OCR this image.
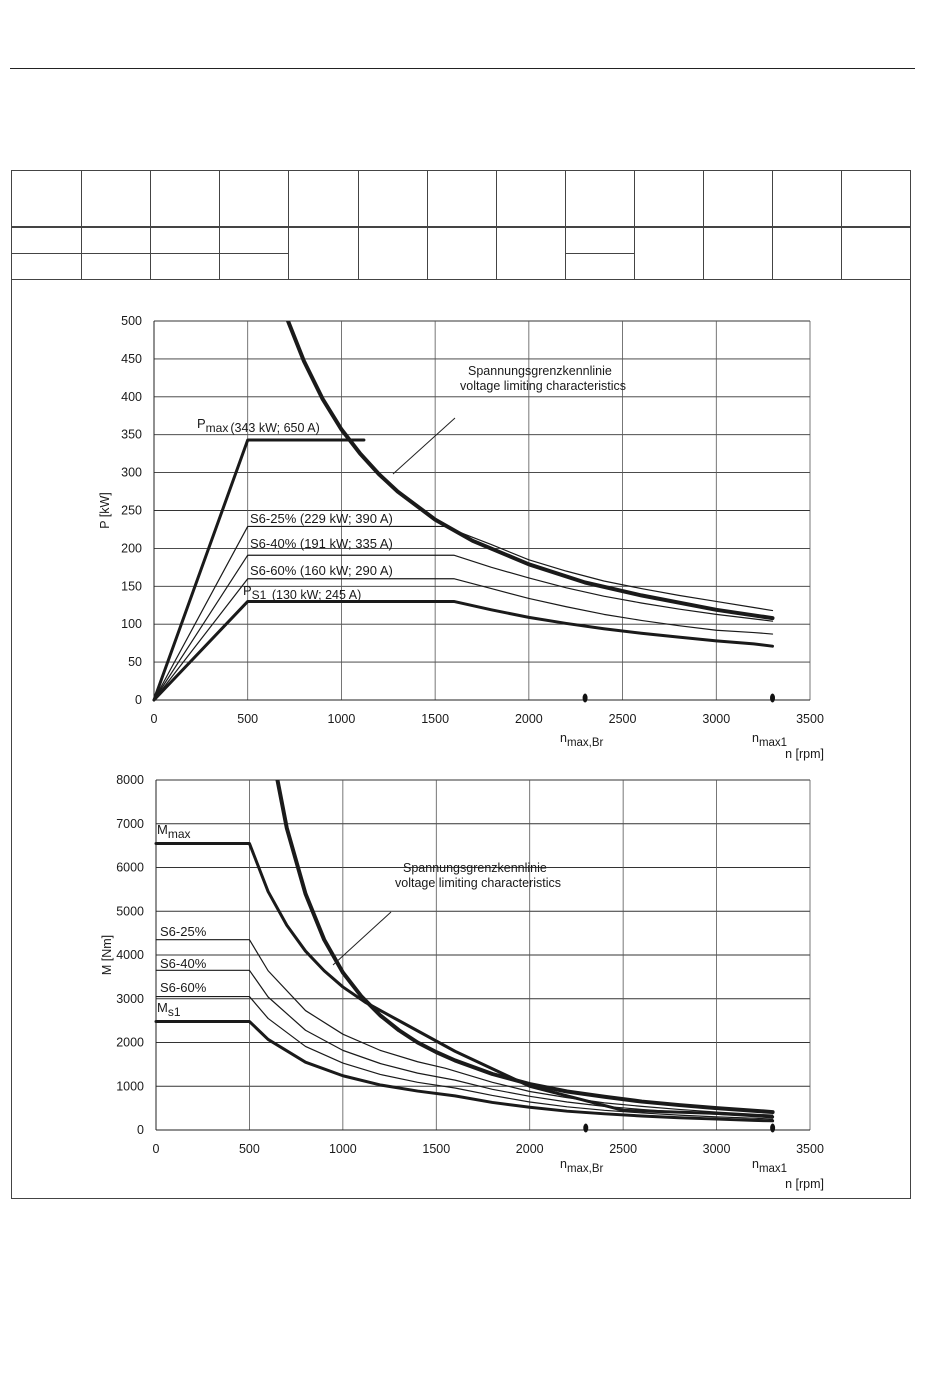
0
50
100
150
200
250
300
350
400
450
500
0	500	1000	1500	2000	2500	3000	3500
P [kW]
n [rpm]
Pmax (343 kW; 650 A)
S6-25% (229 kW; 390 A)
S6-40% (191 kW; 335 A)
S6-60% (160 kW; 290 A)
PS1 (130 kW; 245 A)
Spannungsgrenzkennlinie
voltage limiting characteristics
nmax,Br	nmax1
0
1000
2000
3000
4000
5000
6000
7000
8000
0	500	1000	1500	2000	2500	3000	3500
M [Nm]
n [rpm]
Mmax
S6-25%
S6-40%
S6-60%
Ms1
Spannungsgrenzkennlinie
voltage limiting characteristics
nmax,Br	nmax1
